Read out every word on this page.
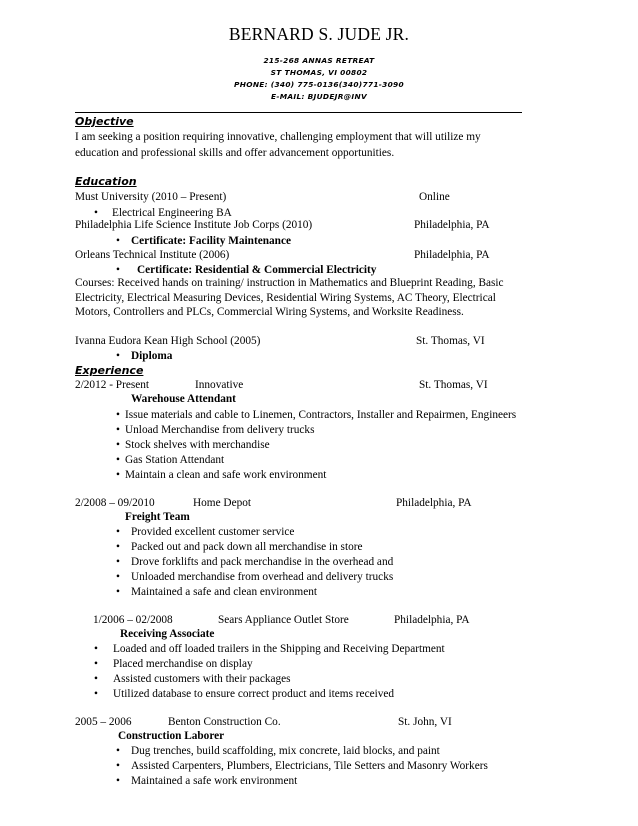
BERNARD S. JUDE JR.
215-268 ANNAS RETREAT
ST THOMAS, VI 00802
PHONE: (340) 775-0136(340)771-3090
E-MAIL: BJUDEJR@INV
Objective
I am seeking a position requiring innovative, challenging employment that will utilize my
education and professional skills and offer advancement opportunities.
Education
Must University (2010 – Present)	Online
• Electrical Engineering BA
Philadelphia Life Science Institute Job Corps (2010)	Philadelphia, PA
• Certificate: Facility Maintenance
Orleans Technical Institute (2006)	Philadelphia, PA
• Certificate: Residential & Commercial Electricity
Courses: Received hands on training/ instruction in Mathematics and Blueprint Reading, Basic
Electricity, Electrical Measuring Devices, Residential Wiring Systems, AC Theory, Electrical
Motors, Controllers and PLCs, Commercial Wiring Systems, and Worksite Readiness.
Ivanna Eudora Kean High School (2005)	St. Thomas, VI
• Diploma
Experience
2/2012 - Present	Innovative	St. Thomas, VI
Warehouse Attendant
• Issue materials and cable to Linemen, Contractors, Installer and Repairmen, Engineers
• Unload Merchandise from delivery trucks
• Stock shelves with merchandise
• Gas Station Attendant
• Maintain a clean and safe work environment
2/2008 – 09/2010	Home Depot	Philadelphia, PA
Freight Team
• Provided excellent customer service
• Packed out and pack down all merchandise in store
• Drove forklifts and pack merchandise in the overhead and
• Unloaded merchandise from overhead and delivery trucks
• Maintained a safe and clean environment
1/2006 – 02/2008	Sears Appliance Outlet Store	Philadelphia, PA
Receiving Associate
• Loaded and off loaded trailers in the Shipping and Receiving Department
• Placed merchandise on display
• Assisted customers with their packages
• Utilized database to ensure correct product and items received
2005 – 2006	Benton Construction Co.	St. John, VI
Construction Laborer
• Dug trenches, build scaffolding, mix concrete, laid blocks, and paint
• Assisted Carpenters, Plumbers, Electricians, Tile Setters and Masonry Workers
• Maintained a safe work environment
